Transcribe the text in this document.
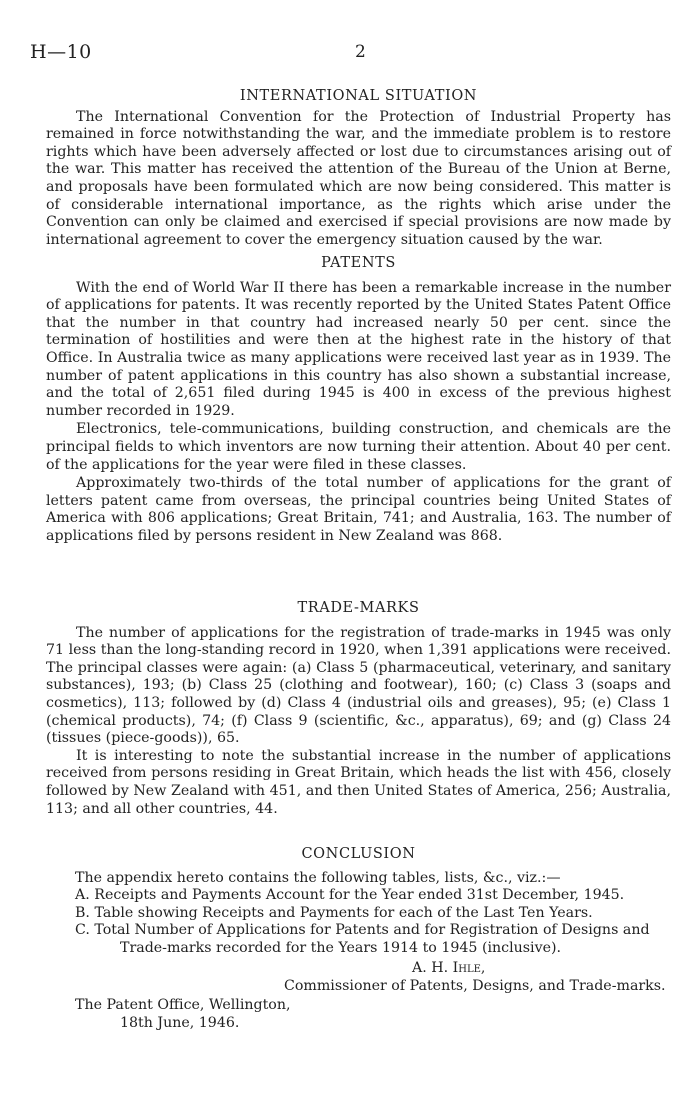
H—10	2
INTERNATIONAL SITUATION

The International Convention for the Protection of Industrial Property has remained in force notwithstanding the war, and the immediate problem is to restore rights which have been adversely affected or lost due to circumstances arising out of the war. This matter has received the attention of the Bureau of the Union at Berne, and proposals have been formulated which are now being considered. This matter is of considerable international importance, as the rights which arise under the Convention can only be claimed and exercised if special provisions are now made by international agreement to cover the emergency situation caused by the war.

PATENTS

With the end of World War II there has been a remarkable increase in the number of applications for patents. It was recently reported by the United States Patent Office that the number in that country had increased nearly 50 per cent. since the termination of hostilities and were then at the highest rate in the history of that Office. In Australia twice as many applications were received last year as in 1939. The number of patent applications in this country has also shown a substantial increase, and the total of 2,651 filed during 1945 is 400 in excess of the previous highest number recorded in 1929.

Electronics, tele-communications, building construction, and chemicals are the principal fields to which inventors are now turning their attention. About 40 per cent. of the applications for the year were filed in these classes.

Approximately two-thirds of the total number of applications for the grant of letters patent came from overseas, the principal countries being United States of America with 806 applications; Great Britain, 741; and Australia, 163. The number of applications filed by persons resident in New Zealand was 868.

TRADE-MARKS

The number of applications for the registration of trade-marks in 1945 was only 71 less than the long-standing record in 1920, when 1,391 applications were received. The principal classes were again: (a) Class 5 (pharmaceutical, veterinary, and sanitary substances), 193; (b) Class 25 (clothing and footwear), 160; (c) Class 3 (soaps and cosmetics), 113; followed by (d) Class 4 (industrial oils and greases), 95; (e) Class 1 (chemical products), 74; (f) Class 9 (scientific, &c., apparatus), 69; and (g) Class 24 (tissues (piece-goods)), 65.

It is interesting to note the substantial increase in the number of applications received from persons residing in Great Britain, which heads the list with 456, closely followed by New Zealand with 451, and then United States of America, 256; Australia, 113; and all other countries, 44.

CONCLUSION

The appendix hereto contains the following tables, lists, &c., viz.:—

A. Receipts and Payments Account for the Year ended 31st December, 1945.

B. Table showing Receipts and Payments for each of the Last Ten Years.

C. Total Number of Applications for Patents and for Registration of Designs and
Trade-marks recorded for the Years 1914 to 1945 (inclusive).

A. H. Ihle,
Commissioner of Patents, Designs, and Trade-marks.
The Patent Office, Wellington,
18th June, 1946.
